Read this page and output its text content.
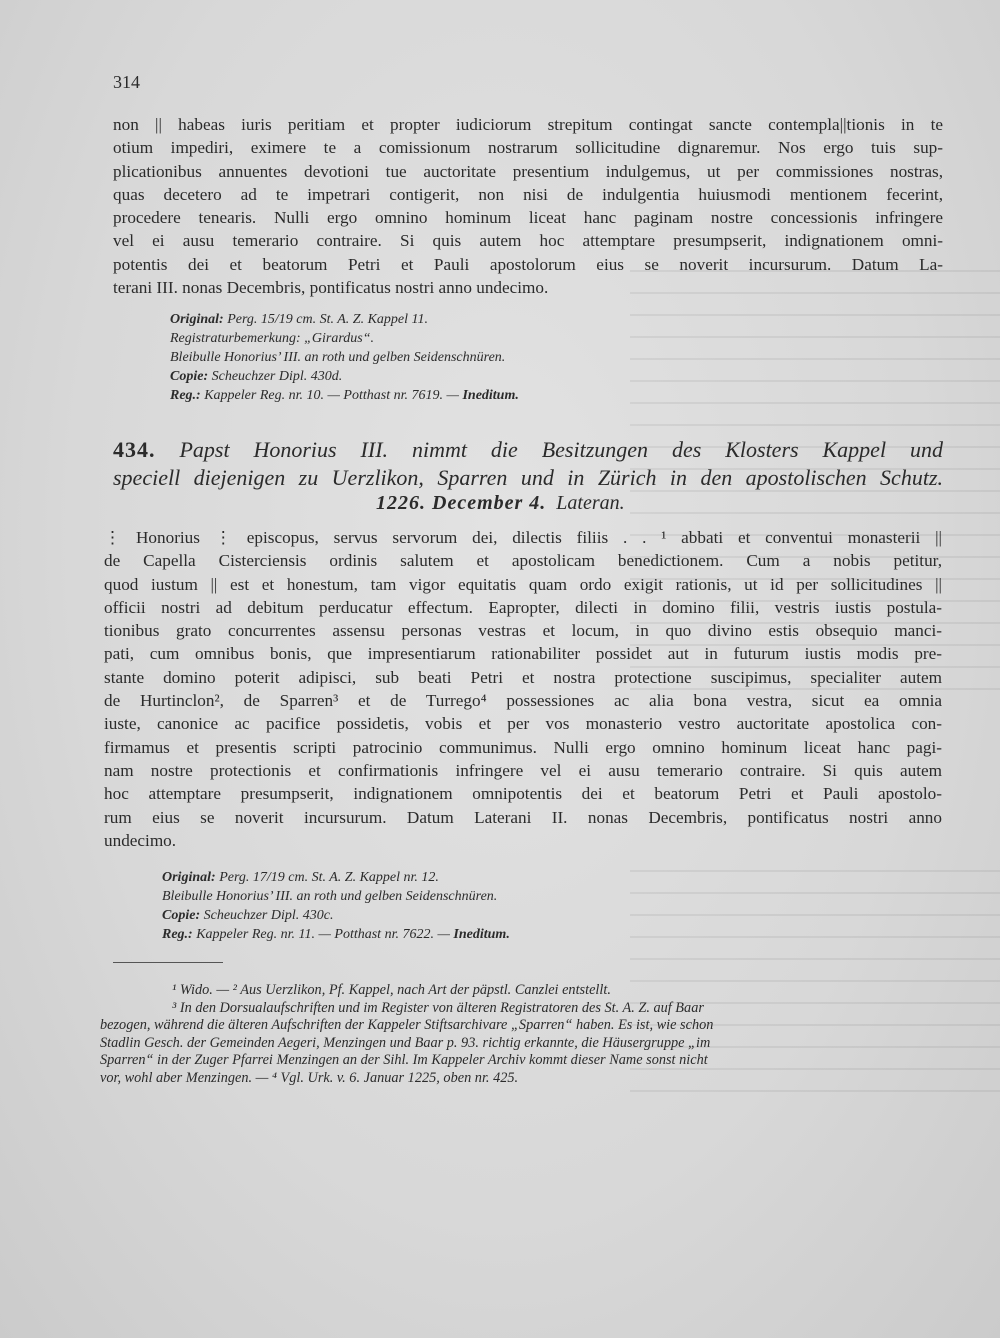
314

non || habeas iuris peritiam et propter iudiciorum strepitum contingat sancte contempla||tionis in te
otium impediri, eximere te a comissionum nostrarum sollicitudine dignaremur. Nos ergo tuis sup-
plicationibus annuentes devotioni tue auctoritate presentium indulgemus, ut per commissiones nostras,
quas decetero ad te impetrari contigerit, non nisi de indulgentia huiusmodi mentionem fecerint,
procedere tenearis. Nulli ergo omnino hominum liceat hanc paginam nostre concessionis infringere
vel ei ausu temerario contraire. Si quis autem hoc attemptare presumpserit, indignationem omni-
potentis dei et beatorum Petri et Pauli apostolorum eius se noverit incursurum. Datum La-
terani III. nonas Decembris, pontificatus nostri anno undecimo.

Original: Perg. 15/19 cm. St. A. Z. Kappel 11.
Registraturbemerkung: „Girardus“.
Bleibulle Honorius’ III. an roth und gelben Seidenschnüren.
Copie: Scheuchzer Dipl. 430d.
Reg.: Kappeler Reg. nr. 10. — Potthast nr. 7619. — Ineditum.
434. Papst Honorius III. nimmt die Besitzungen des Klosters Kappel und
speciell diejenigen zu Uerzlikon, Sparren und in Zürich in den apostolischen Schutz.
1226. December 4. Lateran.

⋮ Honorius ⋮ episcopus, servus servorum dei, dilectis filiis . . ¹ abbati et conventui monasterii ||
de Capella Cisterciensis ordinis salutem et apostolicam benedictionem. Cum a nobis petitur,
quod iustum || est et honestum, tam vigor equitatis quam ordo exigit rationis, ut id per sollicitudines ||
officii nostri ad debitum perducatur effectum. Eapropter, dilecti in domino filii, vestris iustis postula-
tionibus grato concurrentes assensu personas vestras et locum, in quo divino estis obsequio manci-
pati, cum omnibus bonis, que impresentiarum rationabiliter possidet aut in futurum iustis modis pre-
stante domino poterit adipisci, sub beati Petri et nostra protectione suscipimus, specialiter autem
de Hurtinclon², de Sparren³ et de Turrego⁴ possessiones ac alia bona vestra, sicut ea omnia
iuste, canonice ac pacifice possidetis, vobis et per vos monasterio vestro auctoritate apostolica con-
firmamus et presentis scripti patrocinio communimus. Nulli ergo omnino hominum liceat hanc pagi-
nam nostre protectionis et confirmationis infringere vel ei ausu temerario contraire. Si quis autem
hoc attemptare presumpserit, indignationem omnipotentis dei et beatorum Petri et Pauli apostolo-
rum eius se noverit incursurum. Datum Laterani II. nonas Decembris, pontificatus nostri anno
undecimo.

Original: Perg. 17/19 cm. St. A. Z. Kappel nr. 12.
Bleibulle Honorius’ III. an roth und gelben Seidenschnüren.
Copie: Scheuchzer Dipl. 430c.
Reg.: Kappeler Reg. nr. 11. — Potthast nr. 7622. — Ineditum.
¹ Wido. — ² Aus Uerzlikon, Pf. Kappel, nach Art der päpstl. Canzlei entstellt.
³ In den Dorsualaufschriften und im Register von älteren Registratoren des St. A. Z. auf Baar
bezogen, während die älteren Aufschriften der Kappeler Stiftsarchivare „Sparren“ haben. Es ist, wie schon
Stadlin Gesch. der Gemeinden Aegeri, Menzingen und Baar p. 93. richtig erkannte, die Häusergruppe „im
Sparren“ in der Zuger Pfarrei Menzingen an der Sihl. Im Kappeler Archiv kommt dieser Name sonst nicht
vor, wohl aber Menzingen. — ⁴ Vgl. Urk. v. 6. Januar 1225, oben nr. 425.
